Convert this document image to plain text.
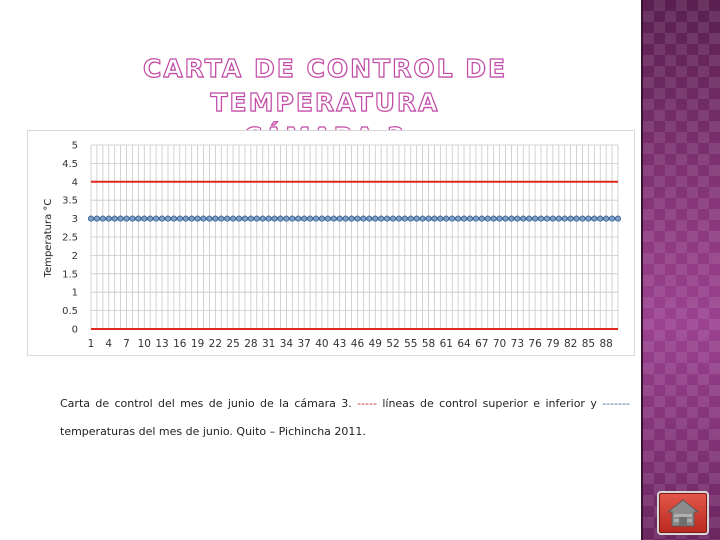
CARTA DE CONTROL DE TEMPERATURA
0
0.5
1
1.5
2
2.5
3
3.5
4
4.5
5
1 4 7 10 13 16 19 22 25 28 31 34 37 40 43 46 49 52 55 58 61 64 67 70 73 76 79 82 85 88
Temperatura °C
Carta de control del mes de junio de la cámara 3. ----- líneas de control superior e inferior y ------- temperaturas del mes de junio. Quito – Pichincha 2011.
